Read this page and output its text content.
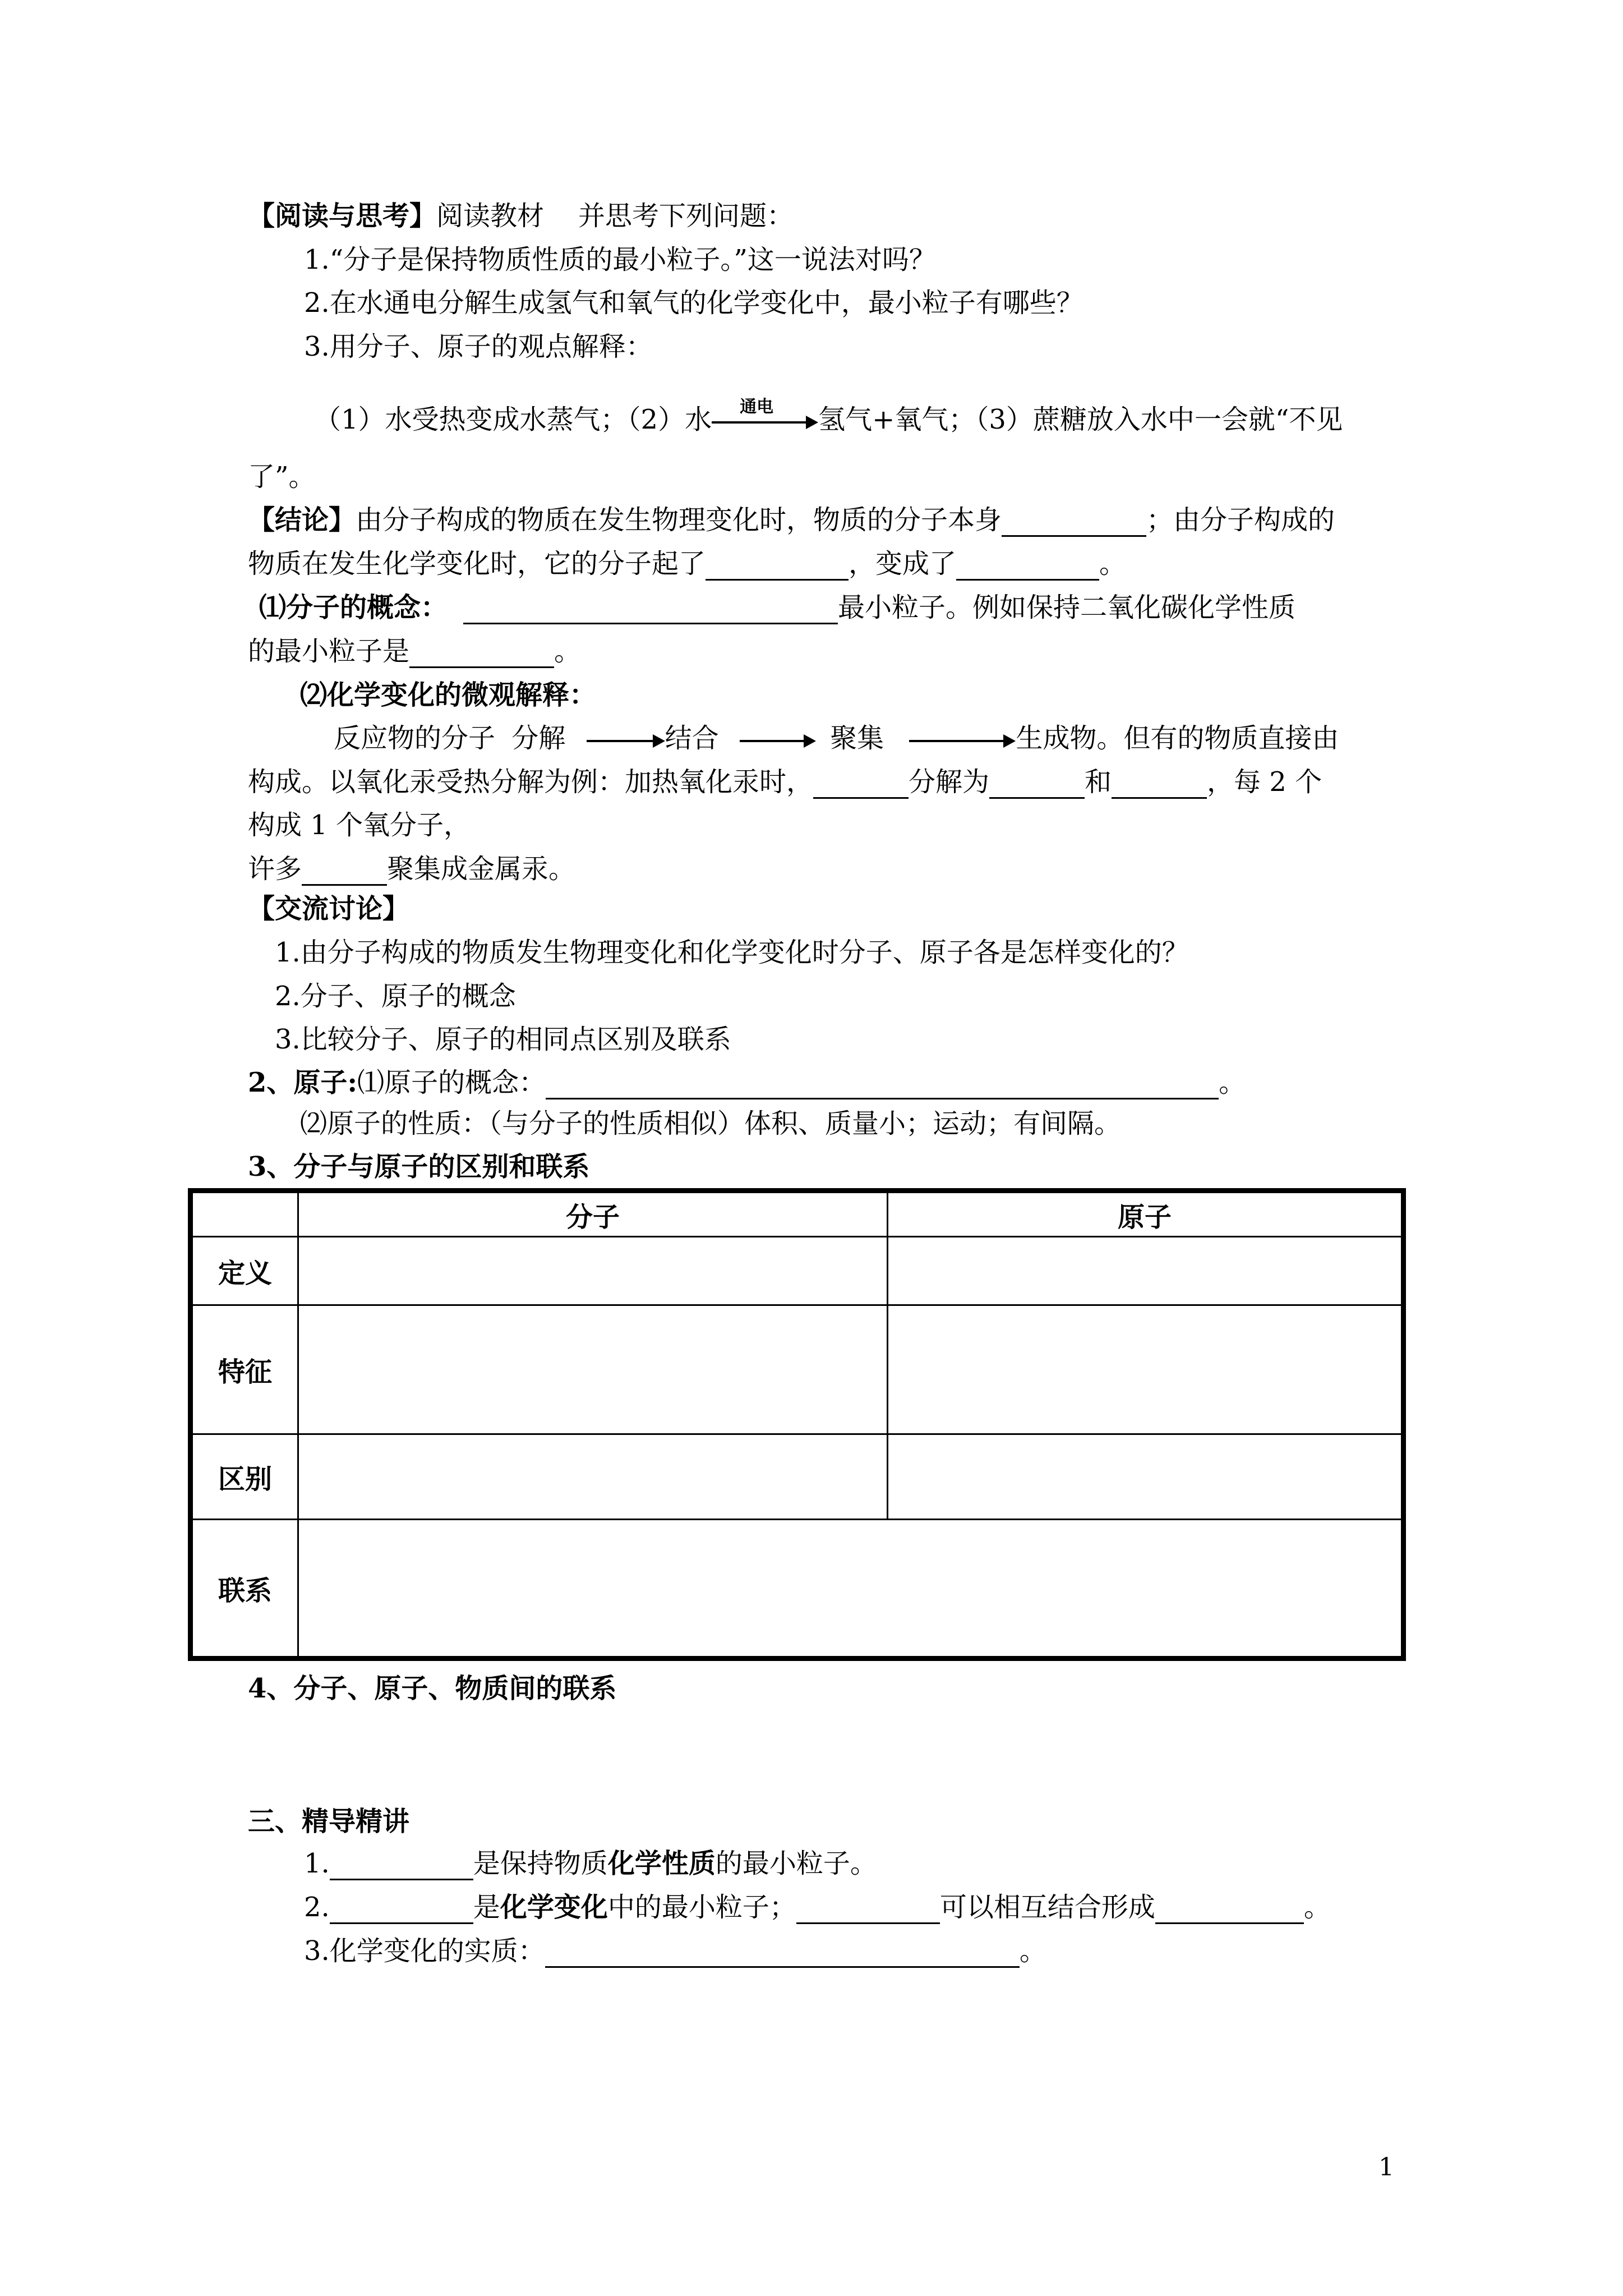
【阅读与思考】阅读教材    并思考下列问题：
1.“分子是保持物质性质的最小粒子。”这一说法对吗？
2.在水通电分解生成氢气和氧气的化学变化中，最小粒子有哪些？
3.用分子、原子的观点解释：
（1）水受热变成水蒸气；（2）水 通电 氢气+氧气；（3）蔗糖放入水中一会就“不见
了”。
【结论】由分子构成的物质在发生物理变化时，物质的分子本身	；由分子构成的
物质在发生化学变化时，它的分子起了	，变成了	。
⑴分子的概念：	最小粒子。例如保持二氧化碳化学性质
的最小粒子是	。
⑵化学变化的微观解释：
反应物的分子 分解	结合	聚集	生成物。但有的物质直接由
构成。以氧化汞受热分解为例：加热氧化汞时，	分解为	和	，每 2 个
构成 1 个氧分子，
许多	聚集成金属汞。
【交流讨论】
1.由分子构成的物质发生物理变化和化学变化时分子、原子各是怎样变化的？
2.分子、原子的概念
3.比较分子、原子的相同点区别及联系
2、原子:⑴原子的概念：	。
⑵原子的性质：（与分子的性质相似）体积、质量小；运动；有间隔。
3、分子与原子的区别和联系
	分子	原子
定义		
特征		
区别		
联系		
4、分子、原子、物质间的联系
三、精导精讲
1.	是保持物质化学性质的最小粒子。
2.	是化学变化中的最小粒子；	可以相互结合形成	。
3.化学变化的实质：	。
1
